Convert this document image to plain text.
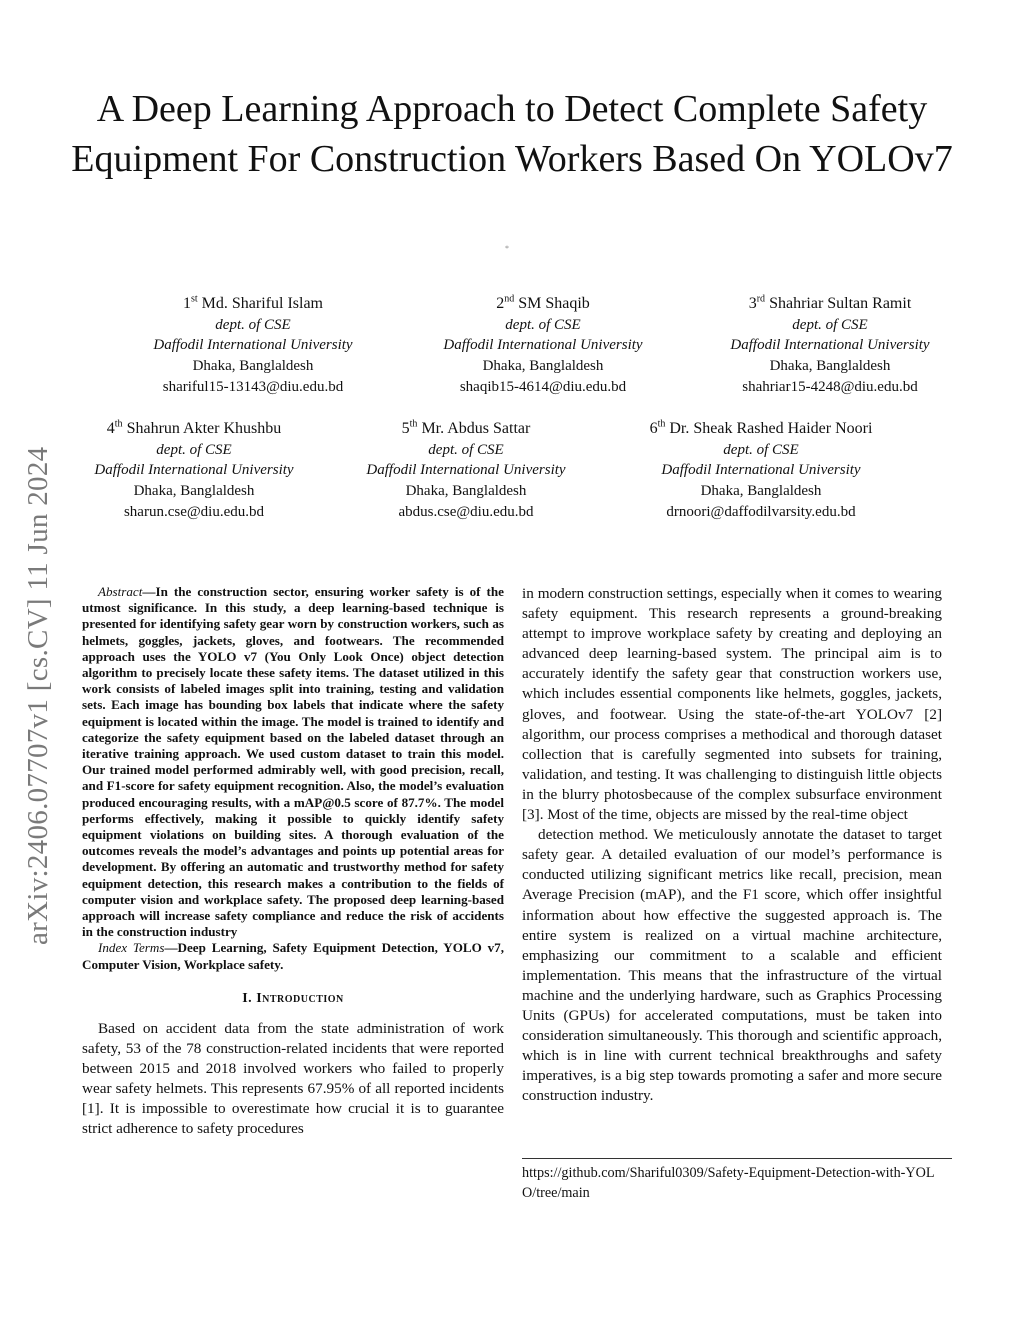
arXiv:2406.07707v1 [cs.CV] 11 Jun 2024
A Deep Learning Approach to Detect Complete Safety Equipment For Construction Workers Based On YOLOv7
*
1st Md. Shariful Islam
dept. of CSE
Daffodil International University
Dhaka, Banglaldesh
shariful15-13143@diu.edu.bd
2nd SM Shaqib
dept. of CSE
Daffodil International University
Dhaka, Banglaldesh
shaqib15-4614@diu.edu.bd
3rd Shahriar Sultan Ramit
dept. of CSE
Daffodil International University
Dhaka, Banglaldesh
shahriar15-4248@diu.edu.bd
4th Shahrun Akter Khushbu
dept. of CSE
Daffodil International University
Dhaka, Banglaldesh
sharun.cse@diu.edu.bd
5th Mr. Abdus Sattar
dept. of CSE
Daffodil International University
Dhaka, Banglaldesh
abdus.cse@diu.edu.bd
6th Dr. Sheak Rashed Haider Noori
dept. of CSE
Daffodil International University
Dhaka, Banglaldesh
drnoori@daffodilvarsity.edu.bd

Abstract—In the construction sector, ensuring worker safety is of the utmost significance. In this study, a deep learning-based technique is presented for identifying safety gear worn by construction workers, such as helmets, goggles, jackets, gloves, and footwears. The recommended approach uses the YOLO v7 (You Only Look Once) object detection algorithm to precisely locate these safety items. The dataset utilized in this work consists of labeled images split into training, testing and validation sets. Each image has bounding box labels that indicate where the safety equipment is located within the image. The model is trained to identify and categorize the safety equipment based on the labeled dataset through an iterative training approach. We used custom dataset to train this model. Our trained model performed admirably well, with good precision, recall, and F1-score for safety equipment recognition. Also, the model’s evaluation produced encouraging results, with a mAP@0.5 score of 87.7%. The model performs effectively, making it possible to quickly identify safety equipment violations on building sites. A thorough evaluation of the outcomes reveals the model’s advantages and points up potential areas for development. By offering an automatic and trustworthy method for safety equipment detection, this research makes a contribution to the fields of computer vision and workplace safety. The proposed deep learning-based approach will increase safety compliance and reduce the risk of accidents in the construction industry

Index Terms—Deep Learning, Safety Equipment Detection, YOLO v7, Computer Vision, Workplace safety.

I. Introduction

Based on accident data from the state administration of work safety, 53 of the 78 construction-related incidents that were reported between 2015 and 2018 involved workers who failed to properly wear safety helmets. This represents 67.95% of all reported incidents [1]. It is impossible to overestimate how crucial it is to guarantee strict adherence to safety procedures

in modern construction settings, especially when it comes to wearing safety equipment. This research represents a ground-breaking attempt to improve workplace safety by creating and deploying an advanced deep learning-based system. The principal aim is to accurately identify the safety gear that construction workers use, which includes essential components like helmets, goggles, jackets, gloves, and footwear. Using the state-of-the-art YOLOv7 [2] algorithm, our process comprises a methodical and thorough dataset collection that is carefully segmented into subsets for training, validation, and testing. It was challenging to distinguish little objects in the blurry photosbecause of the complex subsurface environment [3]. Most of the time, objects are missed by the real-time object

detection method. We meticulously annotate the dataset to target safety gear. A detailed evaluation of our model’s performance is conducted utilizing significant metrics like recall, precision, mean Average Precision (mAP), and the F1 score, which offer insightful information about how effective the suggested approach is. The entire system is realized on a virtual machine architecture, emphasizing our commitment to a scalable and efficient implementation. This means that the infrastructure of the virtual machine and the underlying hardware, such as Graphics Processing Units (GPUs) for accelerated computations, must be taken into consideration simultaneously. This thorough and scientific approach, which is in line with current technical breakthroughs and safety imperatives, is a big step towards promoting a safer and more secure construction industry.

https://github.com/Shariful0309/Safety-Equipment-Detection-with-YOLO/tree/main
